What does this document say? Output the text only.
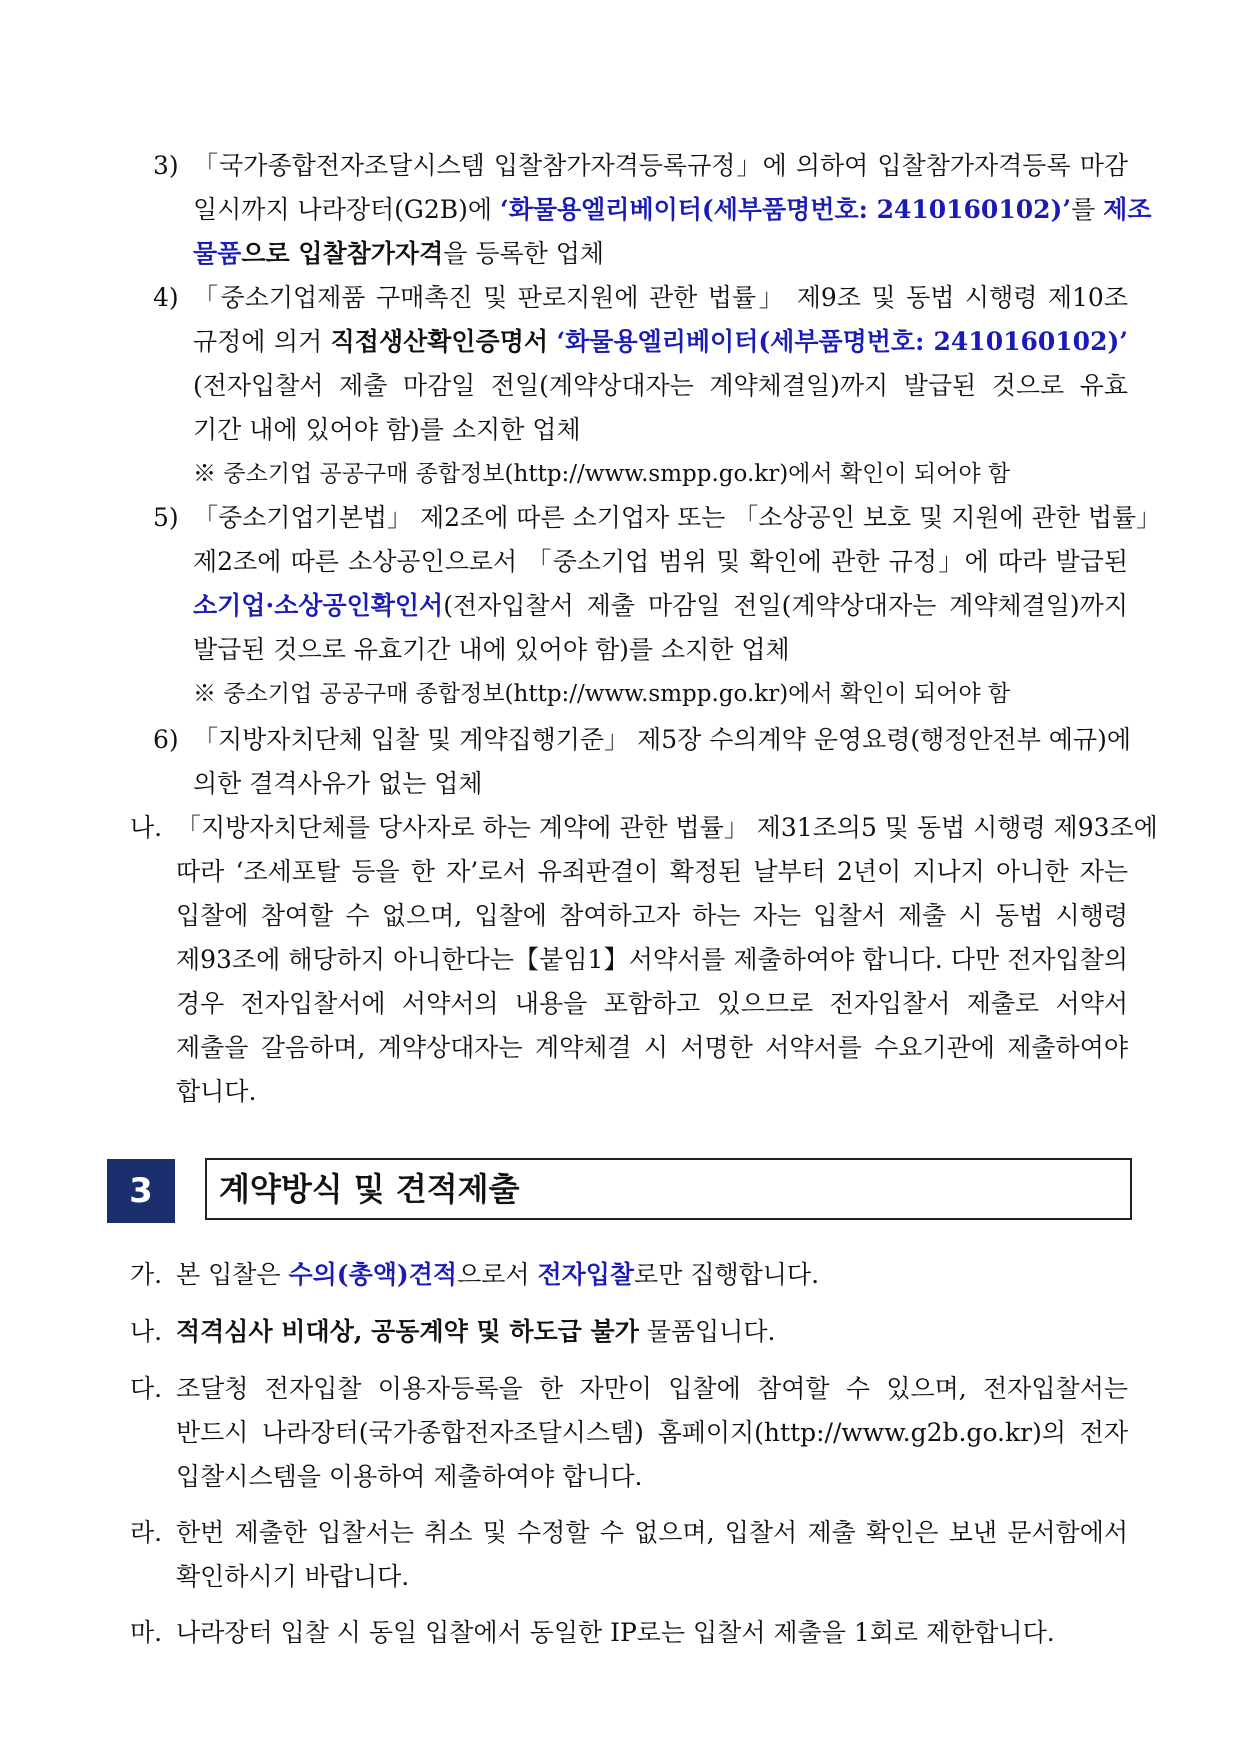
3) 「국가종합전자조달시스템 입찰참가자격등록규정」에 의하여 입찰참가자격등록 마감
일시까지 나라장터(G2B)에 ‘화물용엘리베이터(세부품명번호: 2410160102)’를 제조
물품으로 입찰참가자격을 등록한 업체
4) 「중소기업제품 구매촉진 및 판로지원에 관한 법률」 제9조 및 동법 시행령 제10조
규정에 의거 직접생산확인증명서 ‘화물용엘리베이터(세부품명번호: 2410160102)’
(전자입찰서 제출 마감일 전일(계약상대자는 계약체결일)까지 발급된 것으로 유효
기간 내에 있어야 함)를 소지한 업체
※ 중소기업 공공구매 종합정보(http://www.smpp.go.kr)에서 확인이 되어야 함
5) 「중소기업기본법」 제2조에 따른 소기업자 또는 「소상공인 보호 및 지원에 관한 법률」
제2조에 따른 소상공인으로서 「중소기업 범위 및 확인에 관한 규정」에 따라 발급된
소기업·소상공인확인서(전자입찰서 제출 마감일 전일(계약상대자는 계약체결일)까지
발급된 것으로 유효기간 내에 있어야 함)를 소지한 업체
※ 중소기업 공공구매 종합정보(http://www.smpp.go.kr)에서 확인이 되어야 함
6) 「지방자치단체 입찰 및 계약집행기준」 제5장 수의계약 운영요령(행정안전부 예규)에
의한 결격사유가 없는 업체
나. 「지방자치단체를 당사자로 하는 계약에 관한 법률」 제31조의5 및 동법 시행령 제93조에
따라 ‘조세포탈 등을 한 자’로서 유죄판결이 확정된 날부터 2년이 지나지 아니한 자는
입찰에 참여할 수 없으며, 입찰에 참여하고자 하는 자는 입찰서 제출 시 동법 시행령
제93조에 해당하지 아니한다는【붙임1】서약서를 제출하여야 합니다. 다만 전자입찰의
경우 전자입찰서에 서약서의 내용을 포함하고 있으므로 전자입찰서 제출로 서약서
제출을 갈음하며, 계약상대자는 계약체결 시 서명한 서약서를 수요기관에 제출하여야
합니다.
3	계약방식 및 견적제출
가. 본 입찰은 수의(총액)견적으로서 전자입찰로만 집행합니다.
나. 적격심사 비대상, 공동계약 및 하도급 불가 물품입니다.
다. 조달청 전자입찰 이용자등록을 한 자만이 입찰에 참여할 수 있으며, 전자입찰서는
반드시 나라장터(국가종합전자조달시스템) 홈페이지(http://www.g2b.go.kr)의 전자
입찰시스템을 이용하여 제출하여야 합니다.
라. 한번 제출한 입찰서는 취소 및 수정할 수 없으며, 입찰서 제출 확인은 보낸 문서함에서
확인하시기 바랍니다.
마. 나라장터 입찰 시 동일 입찰에서 동일한 IP로는 입찰서 제출을 1회로 제한합니다.
